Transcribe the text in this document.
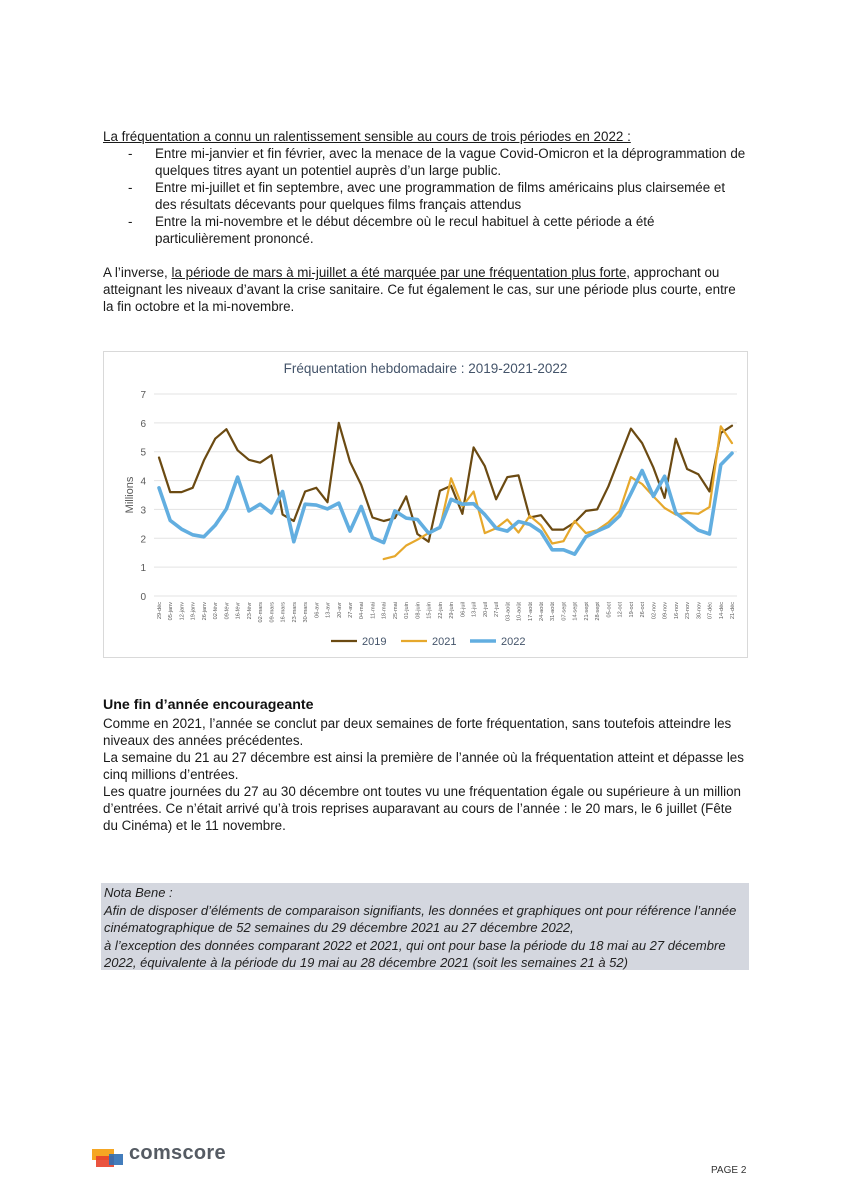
La fréquentation a connu un ralentissement sensible au cours de trois périodes en 2022 :

- Entre mi-janvier et fin février, avec la menace de la vague Covid-Omicron et la déprogrammation de quelques titres ayant un potentiel auprès d’un large public.
- Entre mi-juillet et fin septembre, avec une programmation de films américains plus clairsemée et des résultats décevants pour quelques films français attendus
- Entre la mi-novembre et le début décembre où le recul habituel à cette période a été particulièrement prononcé.

A l’inverse, la période de mars à mi-juillet a été marquée par une fréquentation plus forte, approchant ou atteignant les niveaux d’avant la crise sanitaire. Ce fut également le cas, sur une période plus courte, entre la fin octobre et la mi-novembre.

Fréquentation hebdomadaire : 2019-2021-2022
0
1
2
3
4
5
6
7
Millions
29-déc 05-janv 12-janv 19-janv 26-janv 02-févr 09-févr 16-févr 23-févr 02-mars 09-mars 16-mars 23-mars 30-mars 06-avr 13-avr 20-avr 27-avr 04-mai 11-mai 18-mai 25-mai 01-juin 08-juin 15-juin 22-juin 29-juin 06-juil 13-juil 20-juil 27-juil 03-août 10-août 17-août 24-août 31-août 07-sept 14-sept 21-sept 28-sept 05-oct 12-oct 19-oct 26-oct 02-nov 09-nov 16-nov 23-nov 30-nov 07-déc 14-déc 21-déc
2019	2021	2022
Une fin d’année encourageante

Comme en 2021, l’année se conclut par deux semaines de forte fréquentation, sans toutefois atteindre les niveaux des années précédentes.

La semaine du 21 au 27 décembre est ainsi la première de l’année où la fréquentation atteint et dépasse les cinq millions d’entrées.

Les quatre journées du 27 au 30 décembre ont toutes vu une fréquentation égale ou supérieure à un million d’entrées. Ce n’était arrivé qu’à trois reprises auparavant au cours de l’année : le 20 mars, le 6 juillet (Fête du Cinéma) et le 11 novembre.

Nota Bene :
Afin de disposer d’éléments de comparaison signifiants, les données et graphiques ont pour référence l’année cinématographique de 52 semaines du 29 décembre 2021 au 27 décembre 2022,
à l’exception des données comparant 2022 et 2021, qui ont pour base la période du 18 mai au 27 décembre 2022, équivalente à la période du 19 mai au 28 décembre 2021 (soit les semaines 21 à 52)
comscore
PAGE 2
